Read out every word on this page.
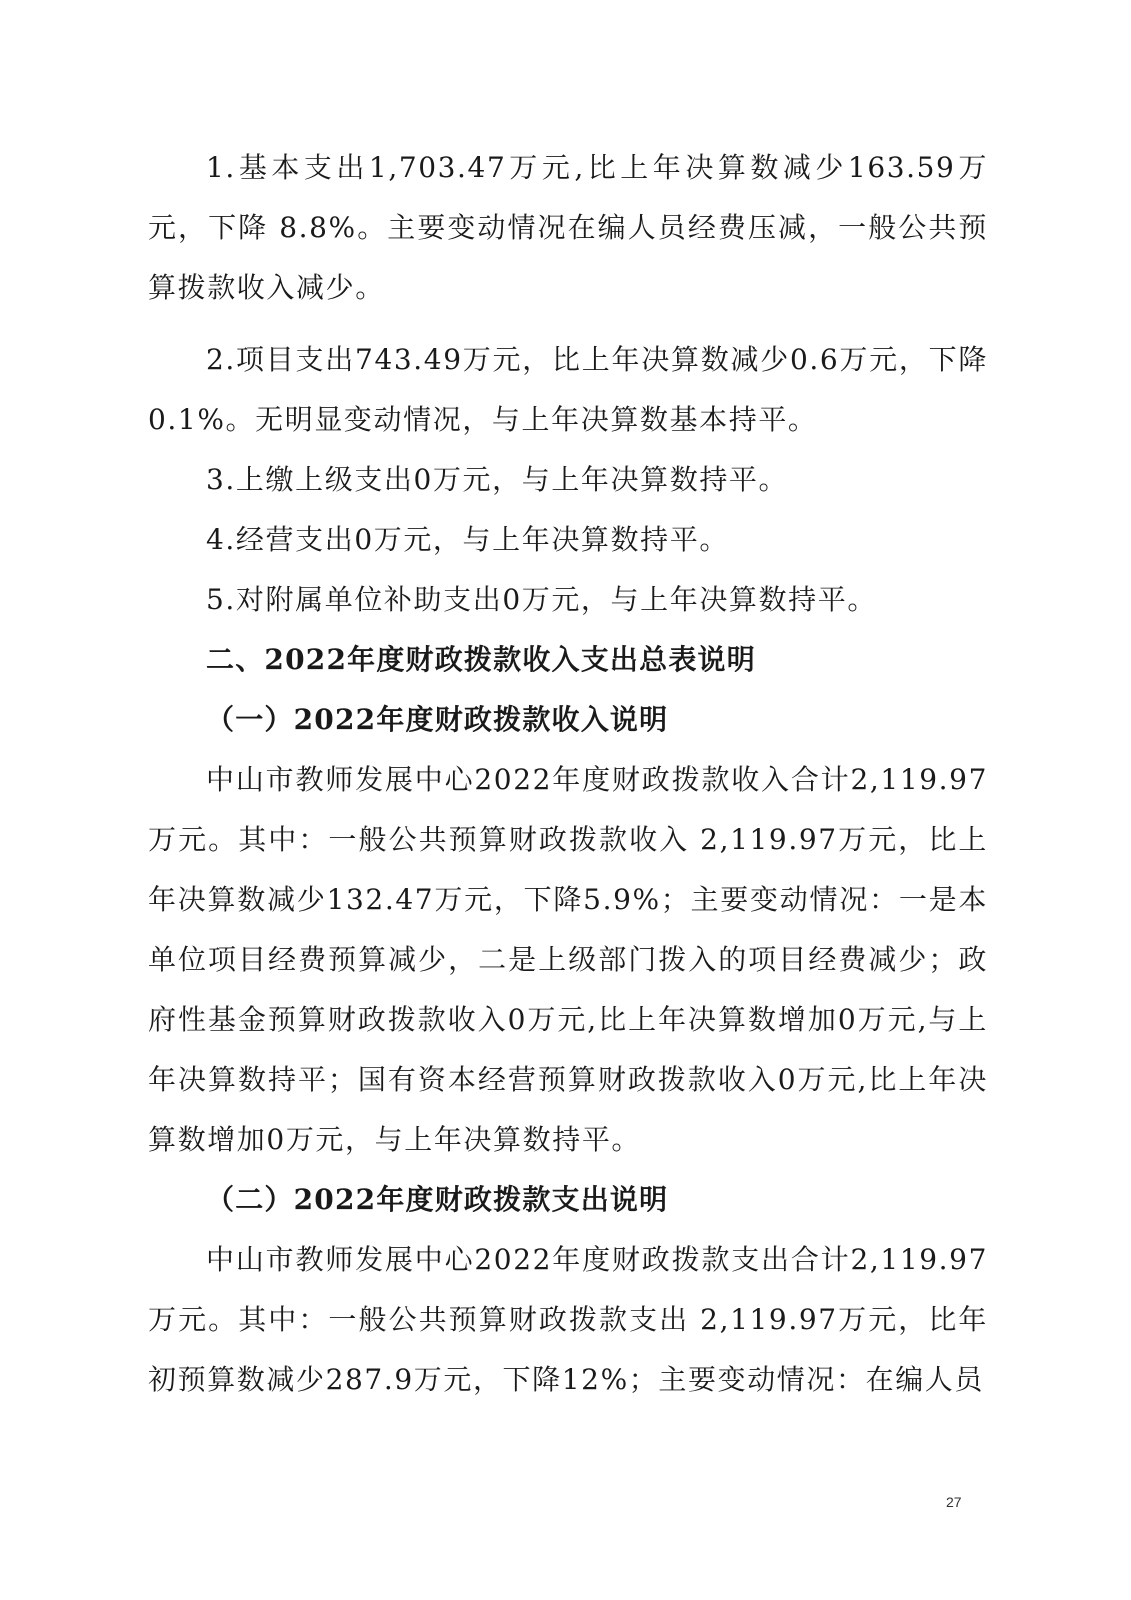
1.基本支出1,703.47万元,比上年决算数减少163.59万元，下降 8.8%。主要变动情况在编人员经费压减，一般公共预算拨款收入减少。

2.项目支出743.49万元，比上年决算数减少0.6万元，下降0.1%。无明显变动情况，与上年决算数基本持平。

3.上缴上级支出0万元，与上年决算数持平。

4.经营支出0万元，与上年决算数持平。

5.对附属单位补助支出0万元，与上年决算数持平。

二、2022年度财政拨款收入支出总表说明
（一）2022年度财政拨款收入说明

中山市教师发展中心2022年度财政拨款收入合计2,119.97万元。其中：一般公共预算财政拨款收入 2,119.97万元，比上年决算数减少132.47万元，下降5.9%；主要变动情况：一是本单位项目经费预算减少，二是上级部门拨入的项目经费减少；政府性基金预算财政拨款收入0万元,比上年决算数增加0万元,与上年决算数持平；国有资本经营预算财政拨款收入0万元,比上年决算数增加0万元，与上年决算数持平。

（二）2022年度财政拨款支出说明

中山市教师发展中心2022年度财政拨款支出合计2,119.97万元。其中：一般公共预算财政拨款支出 2,119.97万元，比年初预算数减少287.9万元，下降12%；主要变动情况：在编人员

27
